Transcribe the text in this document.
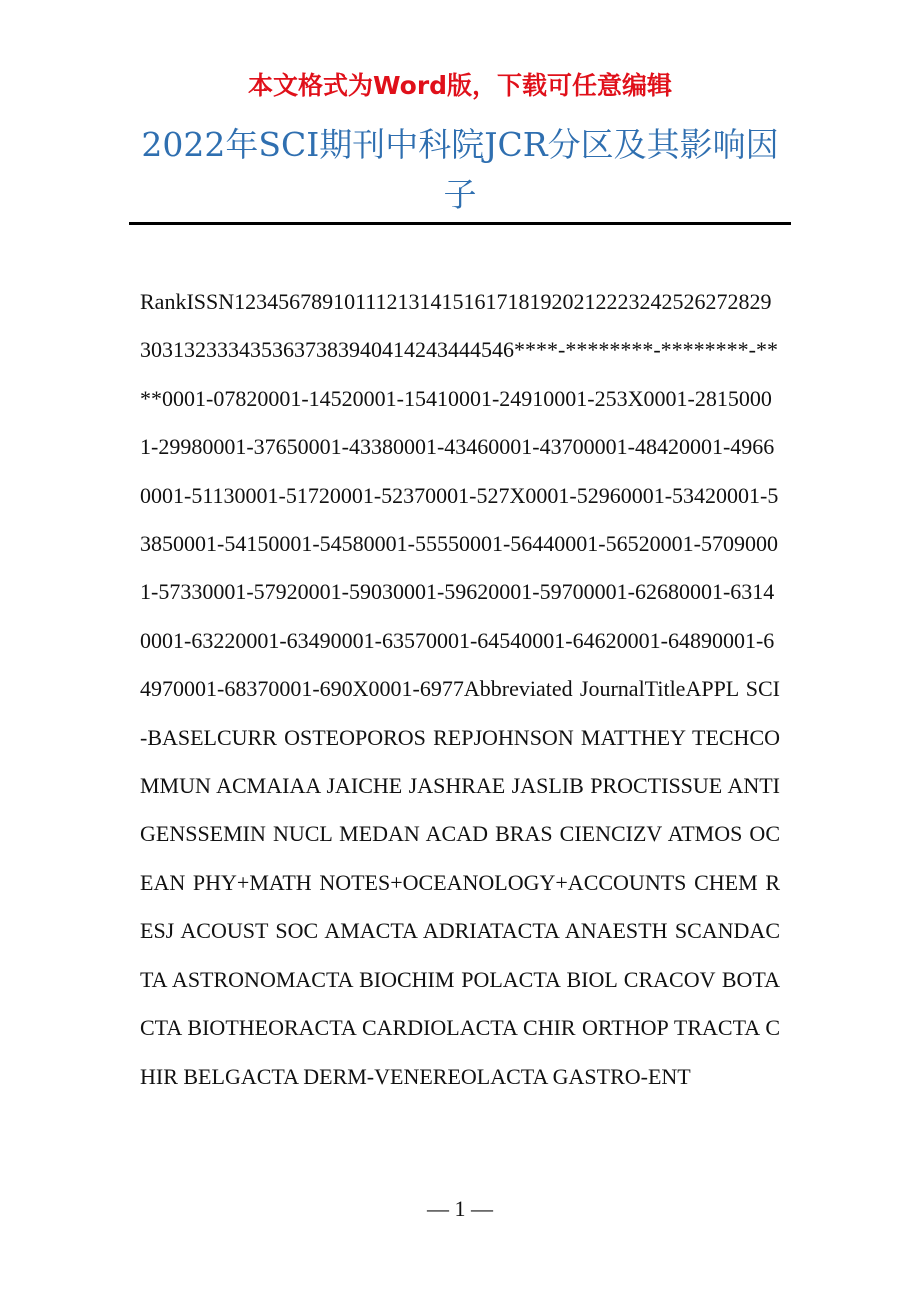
本文格式为Word版，下载可任意编辑
2022年SCI期刊中科院JCR分区及其影响因子
RankISSN12345678910111213141516171819202122232425262728293031323334353637383940414243444546****-********-********-****0001-07820001-14520001-15410001-24910001-253X0001-28150001-29980001-37650001-43380001-43460001-43700001-48420001-49660001-51130001-51720001-52370001-527X0001-52960001-53420001-53850001-54150001-54580001-55550001-56440001-56520001-57090001-57330001-57920001-59030001-59620001-59700001-62680001-63140001-63220001-63490001-63570001-64540001-64620001-64890001-64970001-68370001-690X0001-6977Abbreviated JournalTitleAPPL SCI-BASELCURR OSTEOPOROS REPJOHNSON MATTHEY TECHCOMMUN ACMAIAA JAICHE JASHRAE JASLIB PROCTISSUE ANTIGENSSEMIN NUCL MEDAN ACAD BRAS CIENCIZV ATMOS OCEAN PHY+MATH NOTES+OCEANOLOGY+ACCOUNTS CHEM RESJ ACOUST SOC AMACTA ADRIATACTA ANAESTH SCANDACTA ASTRONOMACTA BIOCHIM POLACTA BIOL CRACOV BOTACTA BIOTHEORACTA CARDIOLACTA CHIR ORTHOP TRACTA CHIR BELGACTA DERM-VENEREOLACTA GASTRO-ENT
— 1 —
